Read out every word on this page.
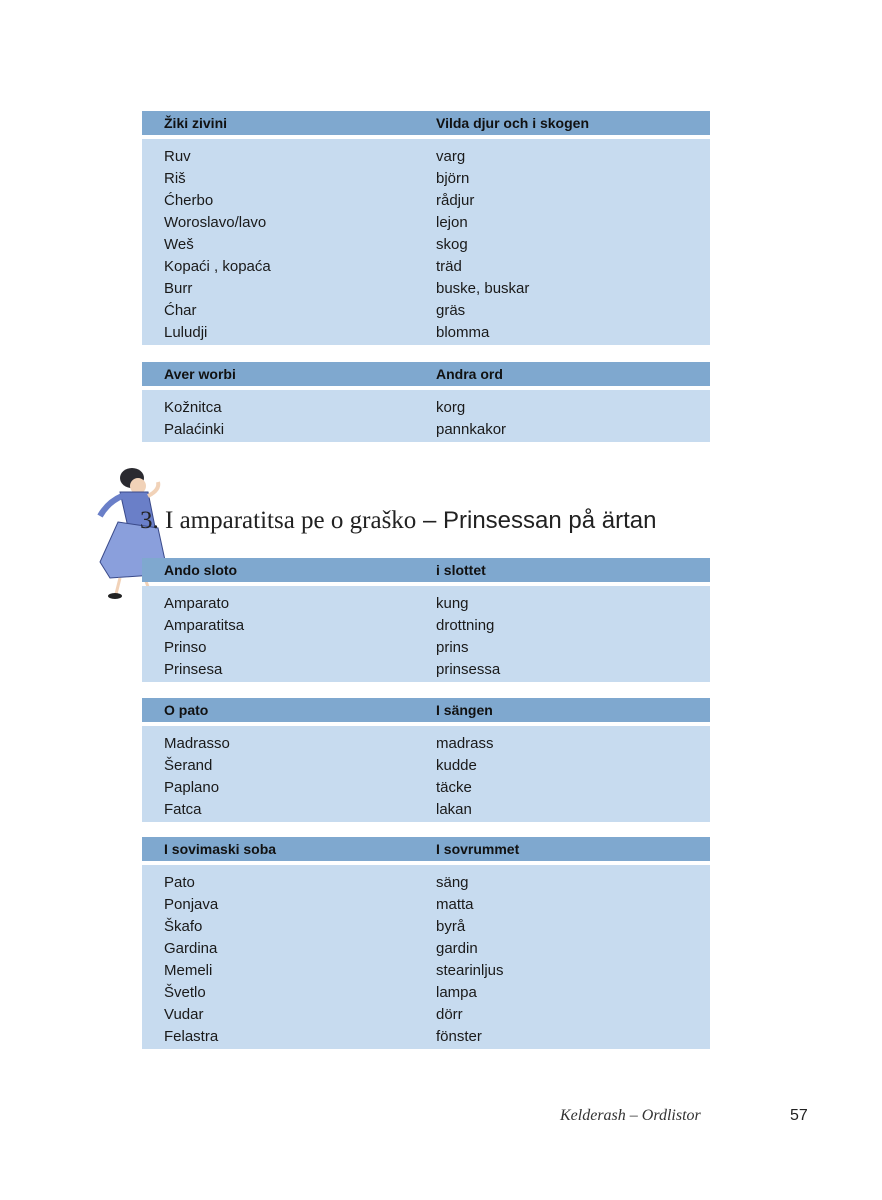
Žiki zivini	Vilda djur och i skogen
Ruv	varg
Riš	björn
Ćherbo	rådjur
Woroslavo/lavo	lejon
Weš	skog
Kopaći , kopaća	träd
Burr	buske, buskar
Ćhar	gräs
Luludji	blomma
Aver worbi	Andra ord
Kožnitca	korg
Palaćinki	pannkakor
3. I amparatitsa pe o graško – Prinsessan på ärtan
Ando sloto	i slottet
Amparato	kung
Amparatitsa	drottning
Prinso	prins
Prinsesa	prinsessa
O pato	I sängen
Madrasso	madrass
Šerand	kudde
Paplano	täcke
Fatca	lakan
I sovimaski soba	I sovrummet
Pato	säng
Ponjava	matta
Škafo	byrå
Gardina	gardin
Memeli	stearinljus
Švetlo	lampa
Vudar	dörr
Felastra	fönster
Kelderash – Ordlistor	57
